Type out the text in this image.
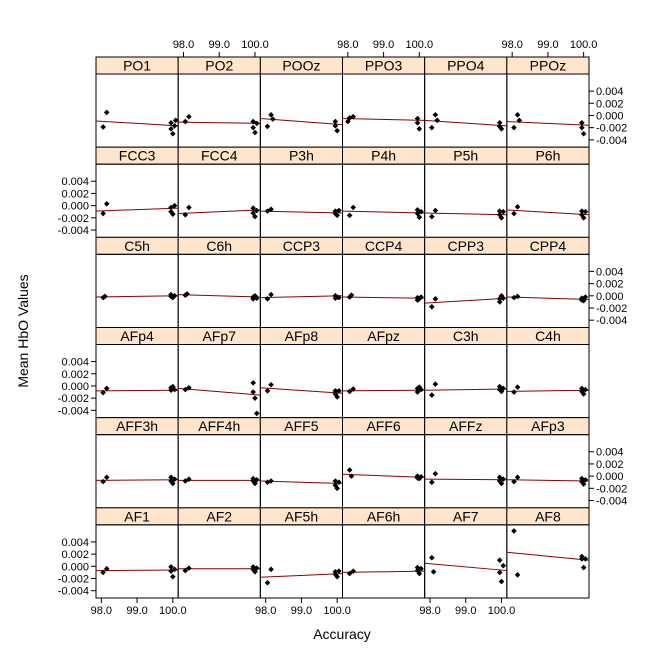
Mean HbO Values
Accuracy
PO1	PO2	POOz	PPO3	PPO4	PPOz
FCC3	FCC4	P3h	P4h	P5h	P6h
C5h	C6h	CCP3	CCP4	CPP3	CPP4
AFp4	AFp7	AFp8	AFpz	C3h	C4h
AFF3h	AFF4h	AFF5	AFF6	AFFz	AFp3
AF1	AF2	AF5h	AF6h	AF7	AF8
98.0 99.0 100.0	98.0 99.0 100.0	98.0 99.0 100.0
98.0 99.0 100.0	98.0 99.0 100.0	98.0 99.0 100.0
0.004
0.002
0.000
-0.002
-0.004
0.004
0.002
0.000
-0.002
-0.004
0.004
0.002
0.000
-0.002
-0.004
0.004
0.002
0.000
-0.002
-0.004
0.004
0.002
0.000
-0.002
-0.004
0.004
0.002
0.000
-0.002
-0.004
